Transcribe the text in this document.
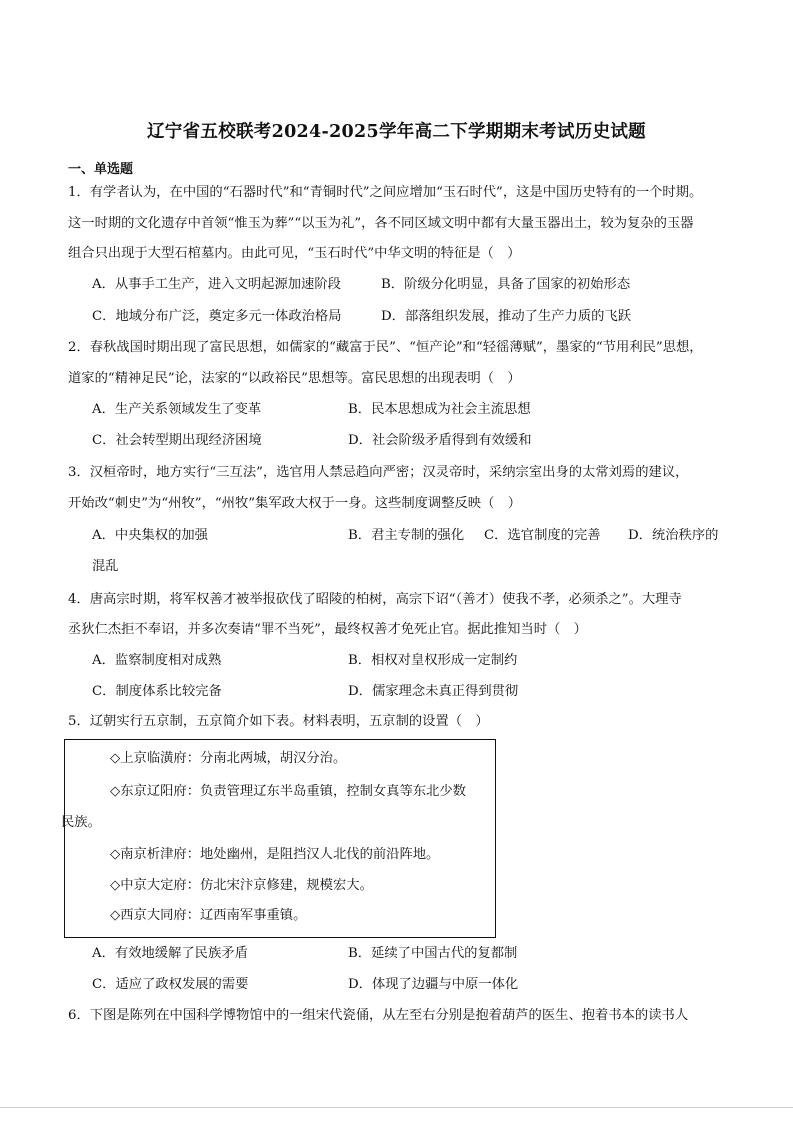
辽宁省五校联考2024-2025学年高二下学期期末考试历史试题
一、单选题
1．有学者认为，在中国的“石器时代”和“青铜时代”之间应增加“玉石时代”，这是中国历史特有的一个时期。
这一时期的文化遗存中首领“惟玉为葬”“以玉为礼”，各不同区域文明中都有大量玉器出土，较为复杂的玉器
组合只出现于大型石棺墓内。由此可见，“玉石时代”中华文明的特征是（　）
A．从事手工生产，进入文明起源加速阶段	B．阶级分化明显，具备了国家的初始形态
C．地域分布广泛，奠定多元一体政治格局	D．部落组织发展，推动了生产力质的飞跃
2．春秋战国时期出现了富民思想，如儒家的“藏富于民”、“恒产论”和“轻徭薄赋”，墨家的“节用利民”思想，
道家的“精神足民”论，法家的“以政裕民”思想等。富民思想的出现表明（　）
A．生产关系领域发生了变革	B．民本思想成为社会主流思想
C．社会转型期出现经济困境	D．社会阶级矛盾得到有效缓和
3．汉桓帝时，地方实行“三互法”，选官用人禁忌趋向严密；汉灵帝时，采纳宗室出身的太常刘焉的建议，
开始改“刺史”为“州牧”，“州牧”集军政大权于一身。这些制度调整反映（　）
A．中央集权的加强	B．君主专制的强化 C．选官制度的完善 D．统治秩序的
混乱
4．唐高宗时期，将军权善才被举报砍伐了昭陵的柏树，高宗下诏“（善才）使我不孝，必须杀之”。大理寺
丞狄仁杰拒不奉诏，并多次奏请“罪不当死”，最终权善才免死止官。据此推知当时（　）
A．监察制度相对成熟	B．相权对皇权形成一定制约
C．制度体系比较完备	D．儒家理念未真正得到贯彻
5．辽朝实行五京制，五京简介如下表。材料表明，五京制的设置（　）
◇上京临潢府：分南北两城，胡汉分治。
◇东京辽阳府：负责管理辽东半岛重镇，控制女真等东北少数
民族。
◇南京析津府：地处幽州，是阻挡汉人北伐的前沿阵地。
◇中京大定府：仿北宋汴京修建，规模宏大。
◇西京大同府：辽西南军事重镇。
A．有效地缓解了民族矛盾	B．延续了中国古代的复都制
C．适应了政权发展的需要	D．体现了边疆与中原一体化
6．下图是陈列在中国科学博物馆中的一组宋代瓷俑，从左至右分别是抱着葫芦的医生、抱着书本的读书人
